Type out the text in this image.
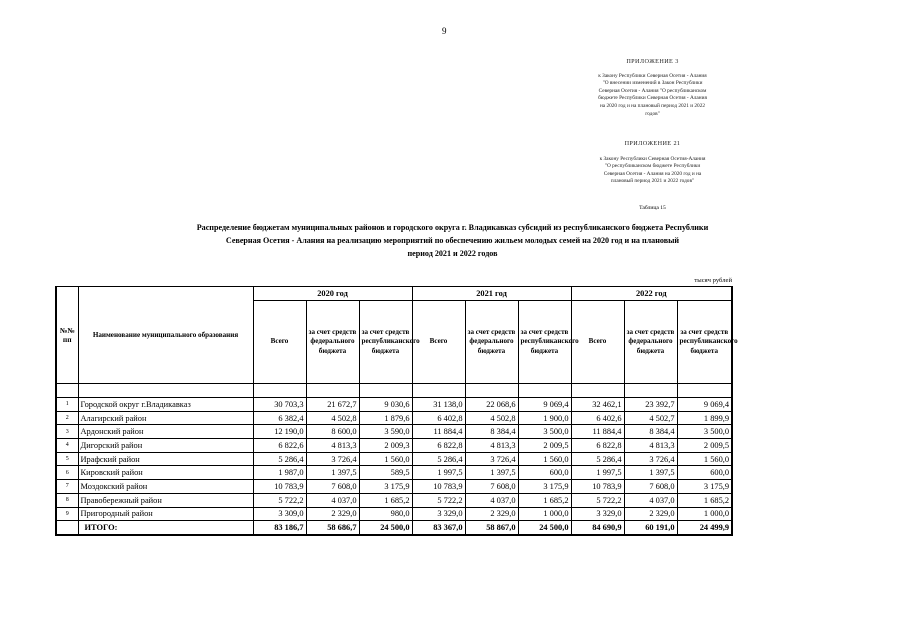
9
ПРИЛОЖЕНИЕ 3
к Закону Республики Северная Осетия - Алания
"О внесении изменений в Закон Республики
Северная Осетия - Алания "О республиканском
бюджете Республики Северная Осетия - Алания
на 2020 год и на плановый период 2021 и 2022
годов"
ПРИЛОЖЕНИЕ 21
к Закону Республики Северная Осетия-Алания
"О республиканском бюджете Республики
Северная Осетия - Алания на 2020 год и на
плановый период 2021 и 2022 годов"
Таблица 15
Распределение бюджетам муниципальных районов и городского округа г. Владикавказ субсидий из республиканского бюджета Республики
Северная Осетия - Алания на реализацию мероприятий по обеспечению жильем молодых семей на 2020 год и на плановый
период 2021 и 2022 годов
тысяч рублей
№№ пп	Наименование муниципального образования	2020 год			2021 год			2022 год		
		Всего	за счет средств федерального бюджета	за счет средств республиканского бюджета	Всего	за счет средств федерального бюджета	за счет средств республиканского бюджета	Всего	за счет средств федерального бюджета	за счет средств республиканского бюджета

1	Городской округ г.Владикавказ	30 703,3	21 672,7	9 030,6	31 138,0	22 068,6	9 069,4	32 462,1	23 392,7	9 069,4
2	Алагирский район	6 382,4	4 502,8	1 879,6	6 402,8	4 502,8	1 900,0	6 402,6	4 502,7	1 899,9
3	Ардонский район	12 190,0	8 600,0	3 590,0	11 884,4	8 384,4	3 500,0	11 884,4	8 384,4	3 500,0
4	Дигорский район	6 822,6	4 813,3	2 009,3	6 822,8	4 813,3	2 009,5	6 822,8	4 813,3	2 009,5
5	Ирафский район	5 286,4	3 726,4	1 560,0	5 286,4	3 726,4	1 560,0	5 286,4	3 726,4	1 560,0
6	Кировский район	1 987,0	1 397,5	589,5	1 997,5	1 397,5	600,0	1 997,5	1 397,5	600,0
7	Моздокский район	10 783,9	7 608,0	3 175,9	10 783,9	7 608,0	3 175,9	10 783,9	7 608,0	3 175,9
8	Правобережный район	5 722,2	4 037,0	1 685,2	5 722,2	4 037,0	1 685,2	5 722,2	4 037,0	1 685,2
9	Пригородный район	3 309,0	2 329,0	980,0	3 329,0	2 329,0	1 000,0	3 329,0	2 329,0	1 000,0
	ИТОГО:	83 186,7	58 686,7	24 500,0	83 367,0	58 867,0	24 500,0	84 690,9	60 191,0	24 499,9
